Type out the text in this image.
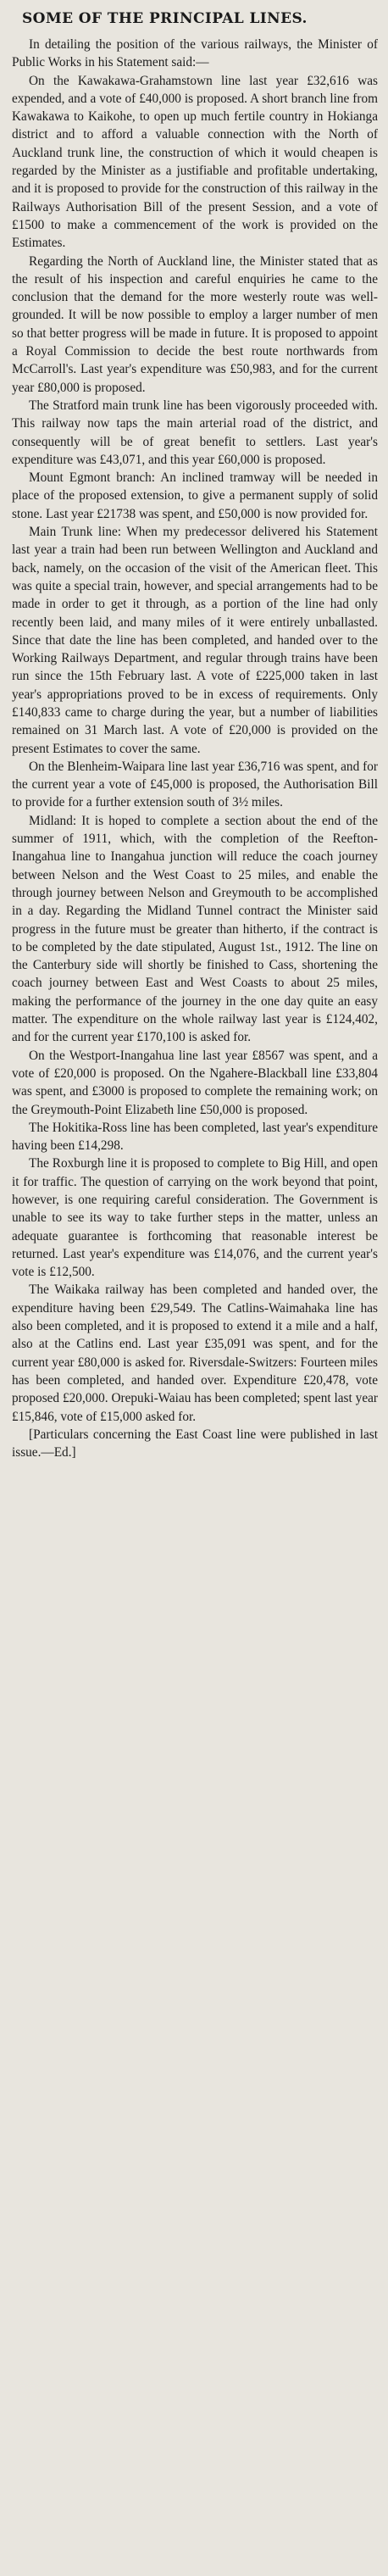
SOME OF THE PRINCIPAL LINES.

In detailing the position of the various railways, the Minister of Public Works in his Statement said:—

On the Kawakawa-Grahamstown line last year £32,616 was expended, and a vote of £40,000 is proposed. A short branch line from Kawakawa to Kaikohe, to open up much fertile country in Hokianga district and to afford a valuable connection with the North of Auckland trunk line, the construction of which it would cheapen is regarded by the Minister as a justifiable and profitable undertaking, and it is proposed to provide for the construction of this railway in the Railways Authorisation Bill of the present Session, and a vote of £1500 to make a commencement of the work is provided on the Estimates.

Regarding the North of Auckland line, the Minister stated that as the result of his inspection and careful enquiries he came to the conclusion that the demand for the more westerly route was well-grounded. It will be now possible to employ a larger number of men so that better progress will be made in future. It is proposed to appoint a Royal Commission to decide the best route northwards from McCarroll's. Last year's expenditure was £50,983, and for the current year £80,000 is proposed.

The Stratford main trunk line has been vigorously proceeded with. This railway now taps the main arterial road of the district, and consequently will be of great benefit to settlers. Last year's expenditure was £43,071, and this year £60,000 is proposed.

Mount Egmont branch: An inclined tramway will be needed in place of the proposed extension, to give a permanent supply of solid stone. Last year £21738 was spent, and £50,000 is now provided for.

Main Trunk line: When my predecessor delivered his Statement last year a train had been run between Wellington and Auckland and back, namely, on the occasion of the visit of the American fleet. This was quite a special train, however, and special arrangements had to be made in order to get it through, as a portion of the line had only recently been laid, and many miles of it were entirely unballasted. Since that date the line has been completed, and handed over to the Working Railways Department, and regular through trains have been run since the 15th February last. A vote of £225,000 taken in last year's appropriations proved to be in excess of requirements. Only £140,833 came to charge during the year, but a number of liabilities remained on 31 March last. A vote of £20,000 is provided on the present Estimates to cover the same.

On the Blenheim-Waipara line last year £36,716 was spent, and for the current year a vote of £45,000 is proposed, the Authorisation Bill to provide for a further extension south of 3½ miles.

Midland: It is hoped to complete a section about the end of the summer of 1911, which, with the completion of the Reefton-Inangahua line to Inangahua junction will reduce the coach journey between Nelson and the West Coast to 25 miles, and enable the through journey between Nelson and Greymouth to be accomplished in a day. Regarding the Midland Tunnel contract the Minister said progress in the future must be greater than hitherto, if the contract is to be completed by the date stipulated, August 1st., 1912. The line on the Canterbury side will shortly be finished to Cass, shortening the coach journey between East and West Coasts to about 25 miles, making the performance of the journey in the one day quite an easy matter. The expenditure on the whole railway last year is £124,402, and for the current year £170,100 is asked for.

On the Westport-Inangahua line last year £8567 was spent, and a vote of £20,000 is proposed. On the Ngahere-Blackball line £33,804 was spent, and £3000 is proposed to complete the remaining work; on the Greymouth-Point Elizabeth line £50,000 is proposed.

The Hokitika-Ross line has been completed, last year's expenditure having been £14,298.

The Roxburgh line it is proposed to complete to Big Hill, and open it for traffic. The question of carrying on the work beyond that point, however, is one requiring careful consideration. The Government is unable to see its way to take further steps in the matter, unless an adequate guarantee is forthcoming that reasonable interest be returned. Last year's expenditure was £14,076, and the current year's vote is £12,500.

The Waikaka railway has been completed and handed over, the expenditure having been £29,549. The Catlins-Waimahaka line has also been completed, and it is proposed to extend it a mile and a half, also at the Catlins end. Last year £35,091 was spent, and for the current year £80,000 is asked for. Riversdale-Switzers: Fourteen miles has been completed, and handed over. Expenditure £20,478, vote proposed £20,000. Orepuki-Waiau has been completed; spent last year £15,846, vote of £15,000 asked for.

[Particulars concerning the East Coast line were published in last issue.—Ed.]
